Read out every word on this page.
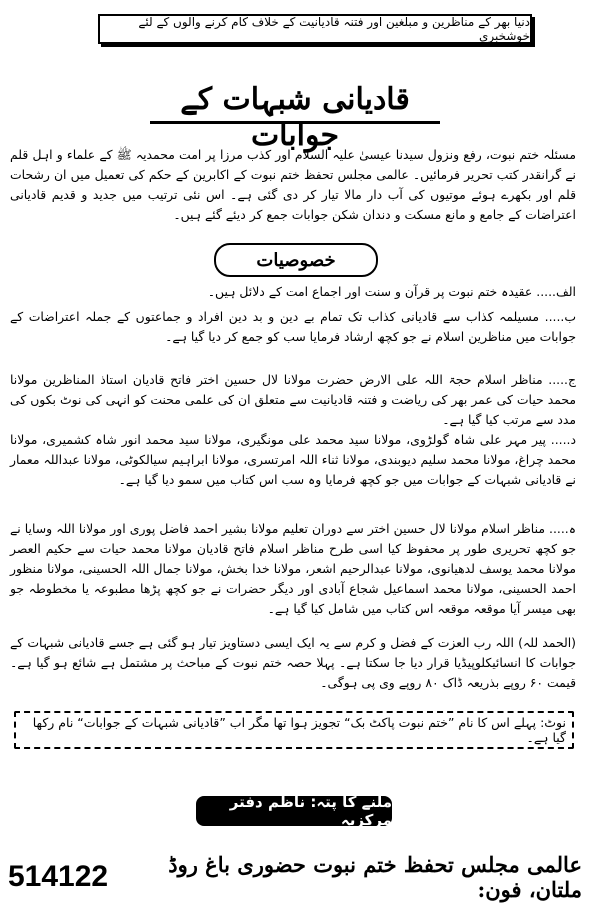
دنیا بھر کے مناظرین و مبلغین اور فتنہ قادیانیت کے خلاف کام کرنے والوں کے لئے خوشخبری
قادیانی شبہات کے جوابات

مسئلہ ختم نبوت، رفع ونزول سیدنا عیسیٰ علیہ السلام اور کذب مرزا پر امت محمدیہ ﷺ کے علماء و اہل قلم نے گرانقدر کتب تحریر فرمائیں۔ عالمی مجلس تحفظ ختم نبوت کے اکابرین کے حکم کی تعمیل میں ان رشحات قلم اور بکھرے ہوئے موتیوں کی آب دار مالا تیار کر دی گئی ہے۔ اس نئی ترتیب میں جدید و قدیم قادیانی اعتراضات کے جامع و مانع مسکت و دندان شکن جوابات جمع کر دیئے گئے ہیں۔

خصوصیات

الف..... عقیدہ ختم نبوت پر قرآن و سنت اور اجماع امت کے دلائل ہیں۔

ب..... مسیلمہ کذاب سے قادیانی کذاب تک تمام بے دین و بد دین افراد و جماعتوں کے جملہ اعتراضات کے جوابات میں مناظرین اسلام نے جو کچھ ارشاد فرمایا سب کو جمع کر دیا گیا ہے۔

ج..... مناظر اسلام حجۃ اللہ علی الارض حضرت مولانا لال حسین اختر فاتح قادیان استاذ المناظرین مولانا محمد حیات کی عمر بھر کی ریاضت و فتنہ قادیانیت سے متعلق ان کی علمی محنت کو انہی کی نوٹ بکوں کی مدد سے مرتب کیا گیا ہے۔

د..... پیر مہر علی شاہ گولڑوی، مولانا سید محمد علی مونگیری، مولانا سید محمد انور شاہ کشمیری، مولانا محمد چراغ، مولانا محمد سلیم دیوبندی، مولانا ثناء اللہ امرتسری، مولانا ابراہیم سیالکوٹی، مولانا عبداللہ معمار نے قادیانی شبہات کے جوابات میں جو کچھ فرمایا وہ سب اس کتاب میں سمو دیا گیا ہے۔

ہ..... مناظر اسلام مولانا لال حسین اختر سے دوران تعلیم مولانا بشیر احمد فاضل پوری اور مولانا اللہ وسایا نے جو کچھ تحریری طور پر محفوظ کیا اسی طرح مناظر اسلام فاتح قادیان مولانا محمد حیات سے حکیم العصر مولانا محمد یوسف لدھیانوی، مولانا عبدالرحیم اشعر، مولانا خدا بخش، مولانا جمال اللہ الحسینی، مولانا منظور احمد الحسینی، مولانا محمد اسماعیل شجاع آبادی اور دیگر حضرات نے جو کچھ پڑھا مطبوعہ یا مخطوطہ جو بھی میسر آیا موقعہ موقعہ اس کتاب میں شامل کیا گیا ہے۔

(الحمد للہ) اللہ رب العزت کے فضل و کرم سے یہ ایک ایسی دستاویز تیار ہو گئی ہے جسے قادیانی شبہات کے جوابات کا انسائیکلوپیڈیا قرار دیا جا سکتا ہے۔ پہلا حصہ ختم نبوت کے مباحث پر مشتمل ہے شائع ہو گیا ہے۔ قیمت ۶۰ روپے بذریعہ ڈاک ۸۰ روپے وی پی ہوگی۔

نوٹ: پہلے اس کا نام ”ختم نبوت پاکٹ بک“ تجویز ہوا تھا مگر اب ”قادیانی شبہات کے جوابات“ نام رکھا گیا ہے۔
ملنے کا پتہ: ناظم دفتر مرکزیہ
514122	عالمی مجلس تحفظ ختم نبوت حضوری باغ روڈ ملتان، فون:
